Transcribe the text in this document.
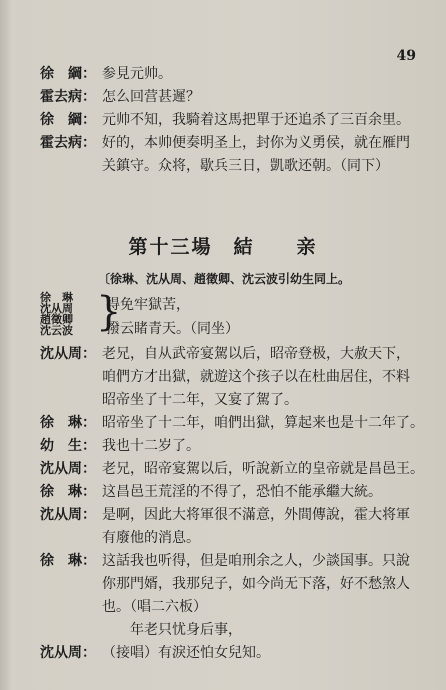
49
徐　綱： 参見元帅。
霍去病： 怎么回营甚遲？
徐　綱： 元帅不知，我騎着这馬把單于还追杀了三百余里。
霍去病： 好的，本帅便奏明圣上，封你为义勇侯，就在雁門
关鎮守。众将，歇兵三日，凱歌还朝。（同下）
第十三場　結　　亲
〔徐琳、沈从周、趙徵卿、沈云波引幼生同上。
徐　琳
沈从周
趙徵卿
沈云波 }
得免牢獄苦，
撥云睹青天。（同坐）
沈从周： 老兄，自从武帝宴駕以后，昭帝登极，大赦天下，
咱們方才出獄，就遊这个孩子以在杜曲居住，不料
昭帝坐了十二年，又宴了駕了。
徐　琳： 昭帝坐了十二年，咱們出獄，算起来也是十二年了。
幼　生： 我也十二岁了。
沈从周： 老兄，昭帝宴駕以后，听說新立的皇帝就是昌邑王。
徐　琳： 这昌邑王荒淫的不得了，恐怕不能承繼大統。
沈从周： 是啊，因此大将軍很不滿意，外間傳說，霍大将軍
有廢他的消息。
徐　琳： 这話我也听得，但是咱刑余之人，少談国事。只說
你那門婿，我那兒子，如今尚无下落，好不愁煞人
也。（唱二六板）
　　年老只忧身后事，
沈从周： （接唱）有淚还怕女兒知。
